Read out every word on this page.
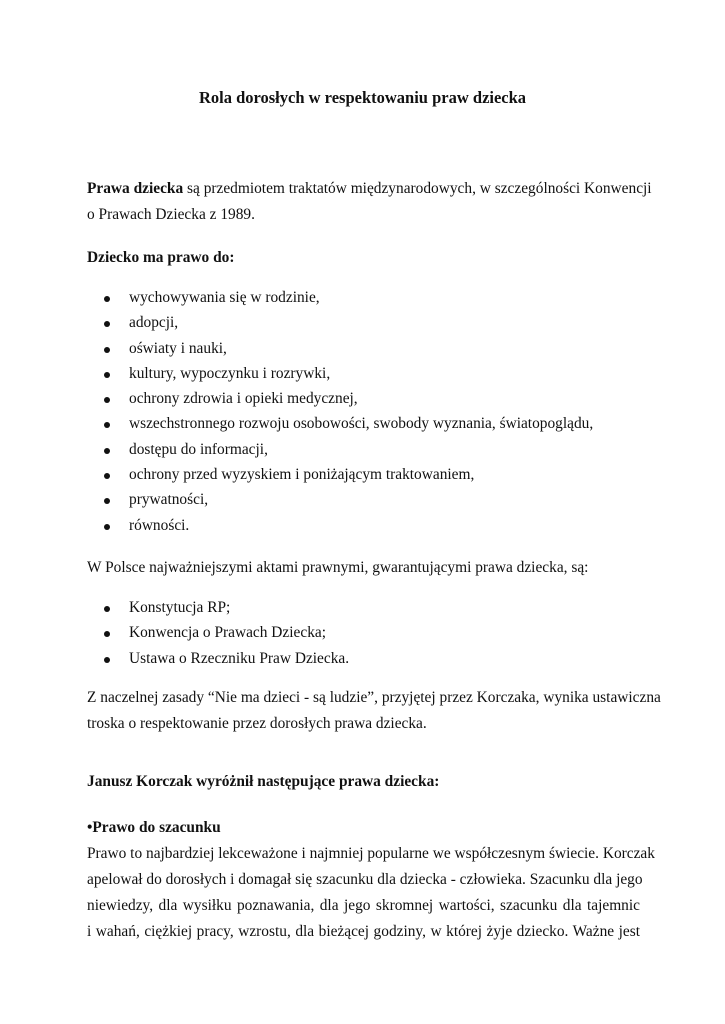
Rola dorosłych w respektowaniu praw dziecka

Prawa dziecka są przedmiotem traktatów międzynarodowych, w szczególności Konwencji
o Prawach Dziecka z 1989.

Dziecko ma prawo do:

wychowywania się w rodzinie,
adopcji,
oświaty i nauki,
kultury, wypoczynku i rozrywki,
ochrony zdrowia i opieki medycznej,
wszechstronnego rozwoju osobowości, swobody wyznania, światopoglądu,
dostępu do informacji,
ochrony przed wyzyskiem i poniżającym traktowaniem,
prywatności,
równości.

W Polsce najważniejszymi aktami prawnymi, gwarantującymi prawa dziecka, są:

Konstytucja RP;
Konwencja o Prawach Dziecka;
Ustawa o Rzeczniku Praw Dziecka.

Z naczelnej zasady “Nie ma dzieci - są ludzie”, przyjętej przez Korczaka, wynika ustawiczna
troska o respektowanie przez dorosłych prawa dziecka.

Janusz Korczak wyróżnił następujące prawa dziecka:

•Prawo do szacunku

Prawo to najbardziej lekceważone i najmniej popularne we współczesnym świecie. Korczak
apelował do dorosłych i domagał się szacunku dla dziecka - człowieka. Szacunku dla jego
niewiedzy, dla wysiłku poznawania, dla jego skromnej wartości, szacunku dla tajemnic
i wahań, ciężkiej pracy, wzrostu, dla bieżącej godziny, w której żyje dziecko. Ważne jest
